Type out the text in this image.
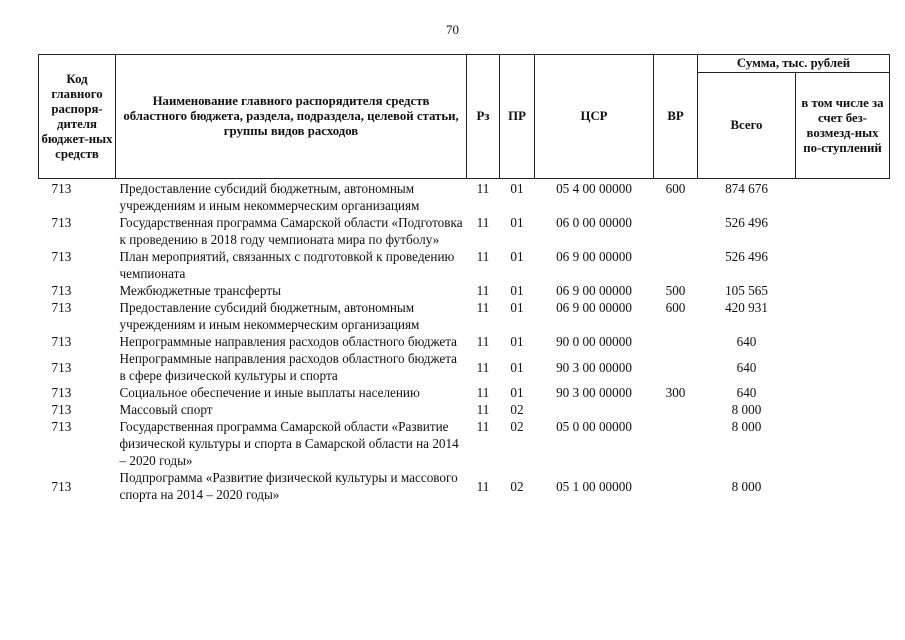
70
Код главного распоря-дителя бюджет-ных средств	Наименование главного распорядителя средств областного бюджета, раздела, подраздела, целевой статьи, группы видов расходов	Рз	ПР	ЦСР	ВР	Сумма, тыс. рублей	
						Всего	в том числе за счет без-возмезд-ных по-ступлений
713	Предоставление субсидий бюджетным, автономным учреждениям и иным некоммерческим организациям	11	01	05 4 00 00000	600	874 676	
713	Государственная программа Самарской области «Подготовка к проведению в 2018 году чемпионата мира по футболу»	11	01	06 0 00 00000		526 496	
713	План мероприятий, связанных с подготовкой к проведению чемпионата	11	01	06 9 00 00000		526 496	
713	Межбюджетные трансферты	11	01	06 9 00 00000	500	105 565	
713	Предоставление субсидий бюджетным, автономным учреждениям и иным некоммерческим организациям	11	01	06 9 00 00000	600	420 931	
713	Непрограммные направления расходов областного бюджета	11	01	90 0 00 00000		640	
713	Непрограммные направления расходов областного бюджета в сфере физической культуры и спорта	11	01	90 3 00 00000		640	
713	Социальное обеспечение и иные выплаты населению	11	01	90 3 00 00000	300	640	
713	Массовый спорт	11	02			8 000	
713	Государственная программа Самарской области «Развитие физической культуры и спорта в Самарской области на 2014 – 2020 годы»	11	02	05 0 00 00000		8 000	
713	Подпрограмма «Развитие физической культуры и массового спорта на 2014 – 2020 годы»	11	02	05 1 00 00000		8 000	
